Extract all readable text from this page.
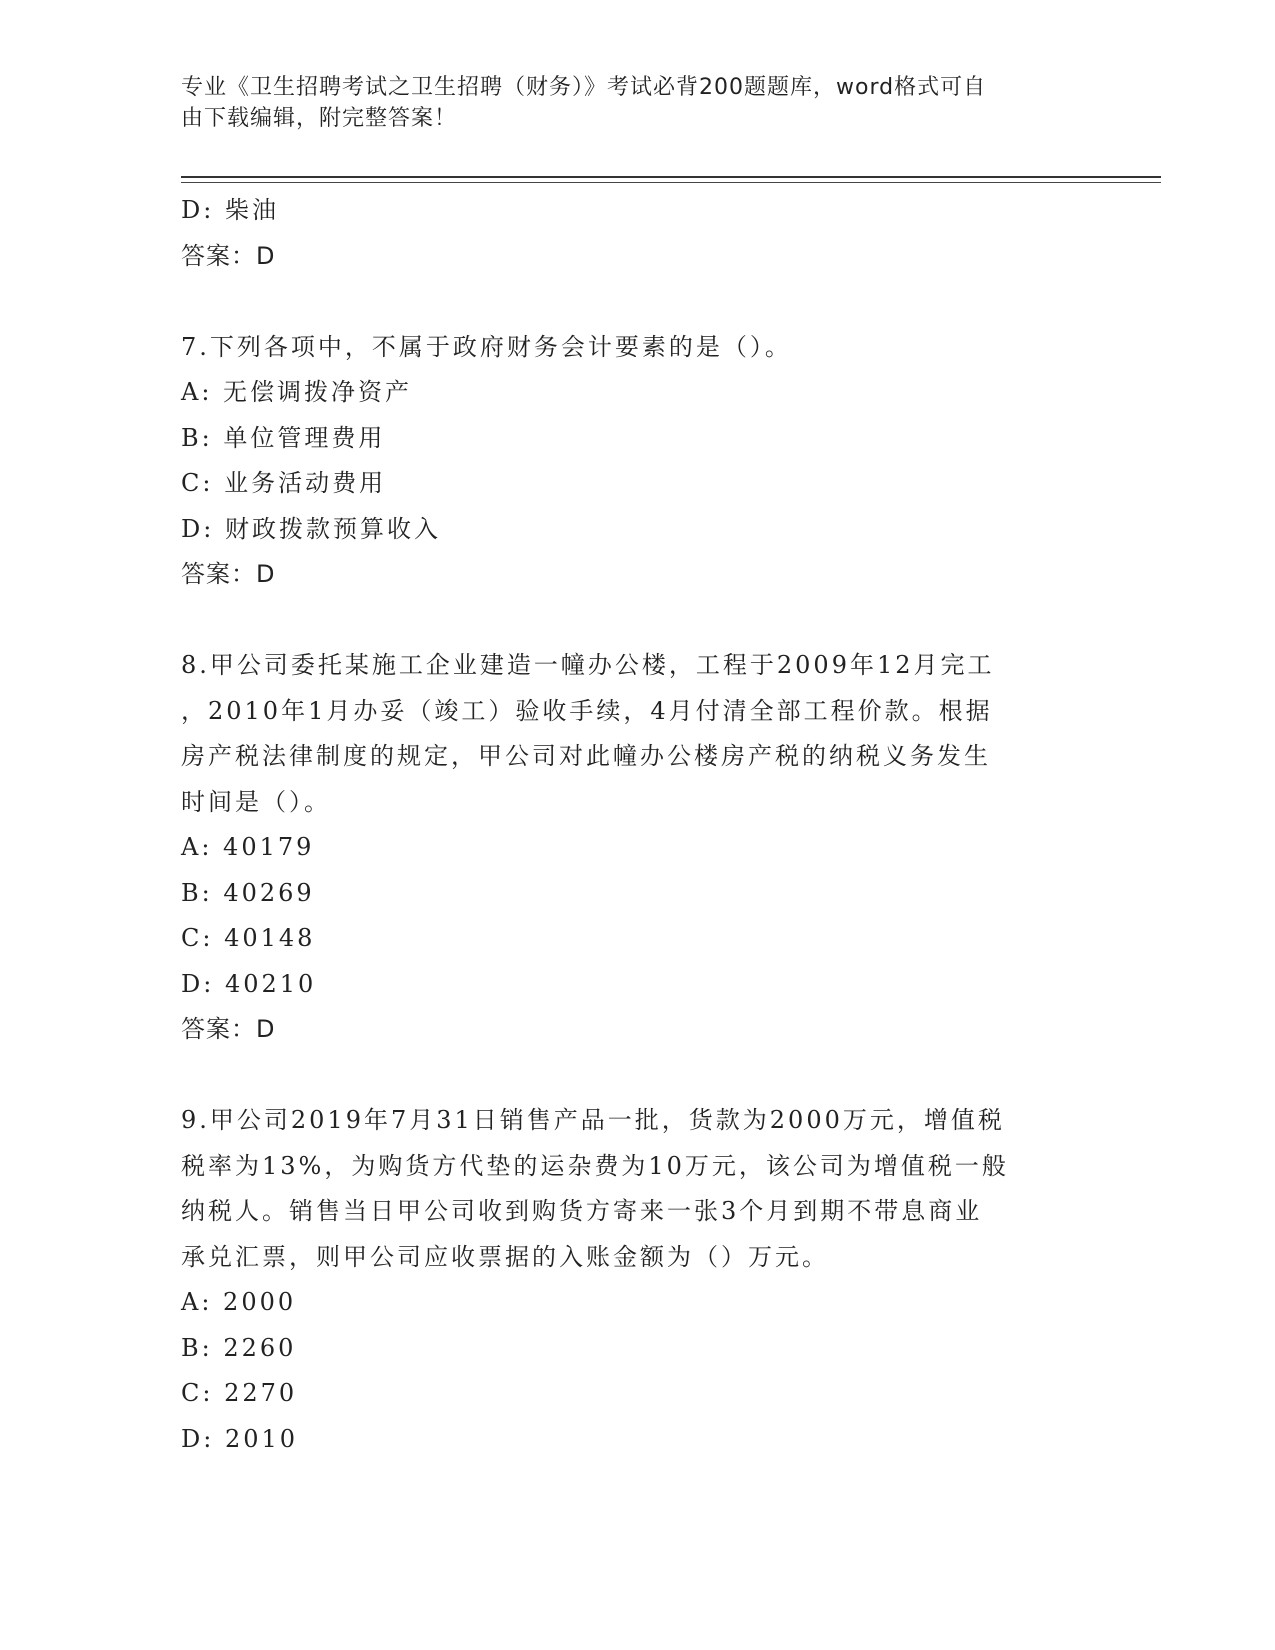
专业《卫生招聘考试之卫生招聘（财务）》考试必背200题题库，word格式可自
由下载编辑，附完整答案！
D: 柴油
答案：D
7.下列各项中，不属于政府财务会计要素的是（）。
A: 无偿调拨净资产
B: 单位管理费用
C: 业务活动费用
D: 财政拨款预算收入
答案：D
8.甲公司委托某施工企业建造一幢办公楼，工程于2009年12月完工
，2010年1月办妥（竣工）验收手续，4月付清全部工程价款。根据
房产税法律制度的规定，甲公司对此幢办公楼房产税的纳税义务发生
时间是（）。
A: 40179
B: 40269
C: 40148
D: 40210
答案：D
9.甲公司2019年7月31日销售产品一批，货款为2000万元，增值税
税率为13%，为购货方代垫的运杂费为10万元，该公司为增值税一般
纳税人。销售当日甲公司收到购货方寄来一张3个月到期不带息商业
承兑汇票，则甲公司应收票据的入账金额为（）万元。
A: 2000
B: 2260
C: 2270
D: 2010
